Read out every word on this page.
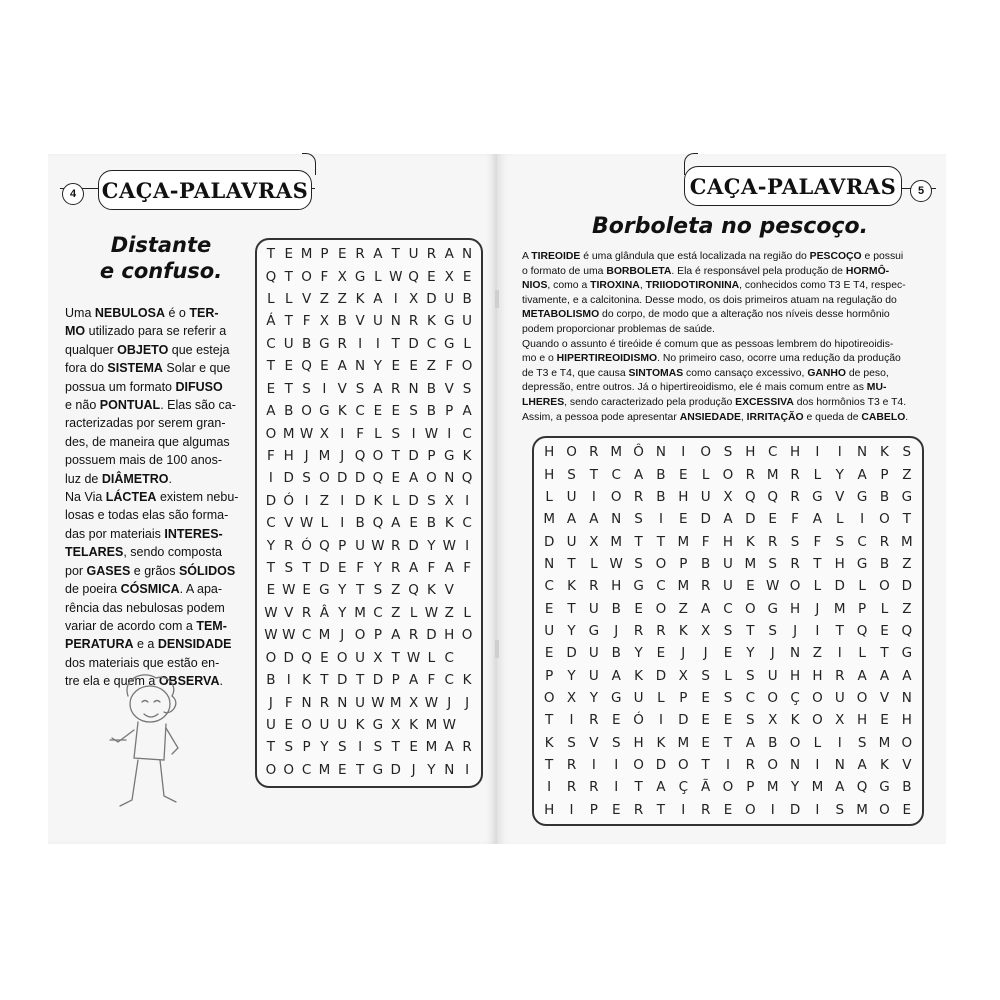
4	CAÇA-PALAVRAS
Distante
e confuso.

Uma NEBULOSA é o TER-
MO utilizado para se referir a
qualquer OBJETO que esteja
fora do SISTEMA Solar e que
possua um formato DIFUSO
e não PONTUAL. Elas são ca-
racterizadas por serem gran-
des, de maneira que algumas
possuem mais de 100 anos-
luz de DIÂMETRO.

Na Via LÁCTEA existem nebu-
losas e todas elas são forma-
das por materiais INTERES-
TELARES, sendo composta
por GASES e grãos SÓLIDOS
de poeira CÓSMICA. A apa-
rência das nebulosas podem
variar de acordo com a TEM-
PERATURA e a DENSIDADE
dos materiais que estão en-
tre ela e quem a OBSERVA.

T E M P E R A T U R A N
Q T O F X G L W Q E X E
L L V Z Z K A I X D U B
Á T F X B V U N R K G U
C U B G R I	I T D C G L
T E Q E A N Y E E Z F O
E T S I V S A R N B V S
A B O G K C E E S B P A
O M W X I F L S I W I C
F H J M J Q O T D P G K
I D S O D D Q E A O N Q
D Ó I Z I D K L D S X I
C V W L I B Q A E B K C
Y R Ó Q P U W R D Y W I
T S T D E F Y R A F A F
E W E G Y T S Z Q K V
W V R Â Y M C Z L W Z L
W W C M J O P A R D H O
O D Q E O U X T W L C
B I K T D T D P A F C K
J F N R N U W M X W J	J
U E O U U K G X K M W
T S P Y S I S T E M A R
O O C M E T G D J Y N I
CAÇA-PALAVRAS	5
Borboleta no pescoço.

A TIREOIDE é uma glândula que está localizada na região do PESCOÇO e possui
o formato de uma BORBOLETA. Ela é responsável pela produção de HORMÔ-
NIOS, como a TIROXINA, TRIIODOTIRONINA, conhecidos como T3 E T4, respec-
tivamente, e a calcitonina. Desse modo, os dois primeiros atuam na regulação do
METABOLISMO do corpo, de modo que a alteração nos níveis desse hormônio
podem proporcionar problemas de saúde.

Quando o assunto é tireóide é comum que as pessoas lembrem do hipotireoidis-
mo e o HIPERTIREOIDISMO. No primeiro caso, ocorre uma redução da produção
de T3 e T4, que causa SINTOMAS como cansaço excessivo, GANHO de peso,
depressão, entre outros. Já o hipertireoidismo, ele é mais comum entre as MU-
LHERES, sendo caracterizado pela produção EXCESSIVA dos hormônios T3 e T4.
Assim, a pessoa pode apresentar ANSIEDADE, IRRITAÇÃO e queda de CABELO.

H O R M Ô N	I	O S H C H	I	I	N K	S
H S	T	C A B E	L O R M R	L	Y	A	P	Z
L	U	I	O R B H U X Q Q R G V G B G
M A A N S	I	E D A D E	F	A	L	I	O T
D U X M T	T M F H K R S	F	S C R M
N T	L W S O P	B U M S R	T H G B Z
C K R H G C M R U E W O L D L O D
E	T U B E O Z A C O G H	J	M P	L	Z
U Y G	J	R R K X S	T	S	J	I	T Q E Q
E D U B	Y	E	J	J	E	Y	J	N Z	I	L	T G
P	Y U A K D X S	L	S U H H R A A A
O X	Y G U	L	P	E	S C O Ç O U O V N
T	I	R E Ó	I	D E	E	S X K O X H E H
K	S V S H K M E	T	A B O L	I	S M O
T	R	I	I	O D O T	I	R O N	I	N A K V
I	R R	I	T	A Ç Ã O P M Y M A Q G B
H	I	P	E R	T	I	R E O	I	D	I	S M O E
